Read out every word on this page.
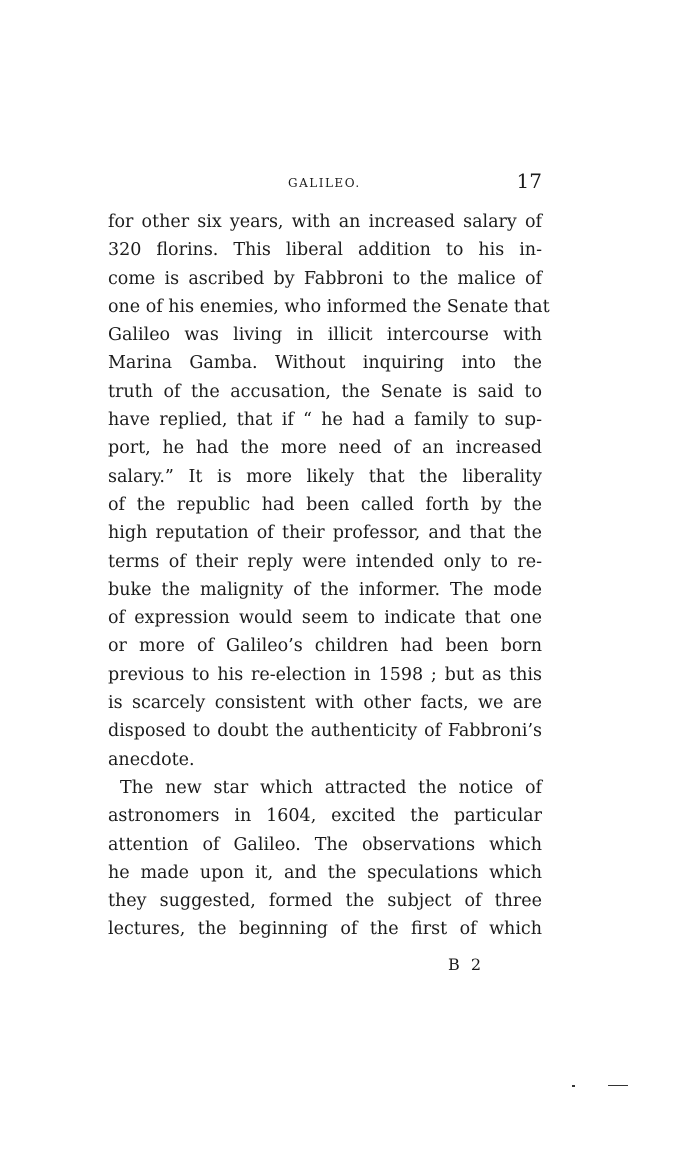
GALILEO.	17
for other six years, with an increased salary of
320 florins. This liberal addition to his in-
come is ascribed by Fabbroni to the malice of
one of his enemies, who informed the Senate that
Galileo was living in illicit intercourse with
Marina Gamba. Without inquiring into the
truth of the accusation, the Senate is said to
have replied, that if “ he had a family to sup-
port, he had the more need of an increased
salary.” It is more likely that the liberality
of the republic had been called forth by the
high reputation of their professor, and that the
terms of their reply were intended only to re-
buke the malignity of the informer. The mode
of expression would seem to indicate that one
or more of Galileo’s children had been born
previous to his re-election in 1598 ; but as this
is scarcely consistent with other facts, we are
disposed to doubt the authenticity of Fabbroni’s
anecdote.
The new star which attracted the notice of
astronomers in 1604, excited the particular
attention of Galileo. The observations which
he made upon it, and the speculations which
they suggested, formed the subject of three
lectures, the beginning of the first of which
B 2
